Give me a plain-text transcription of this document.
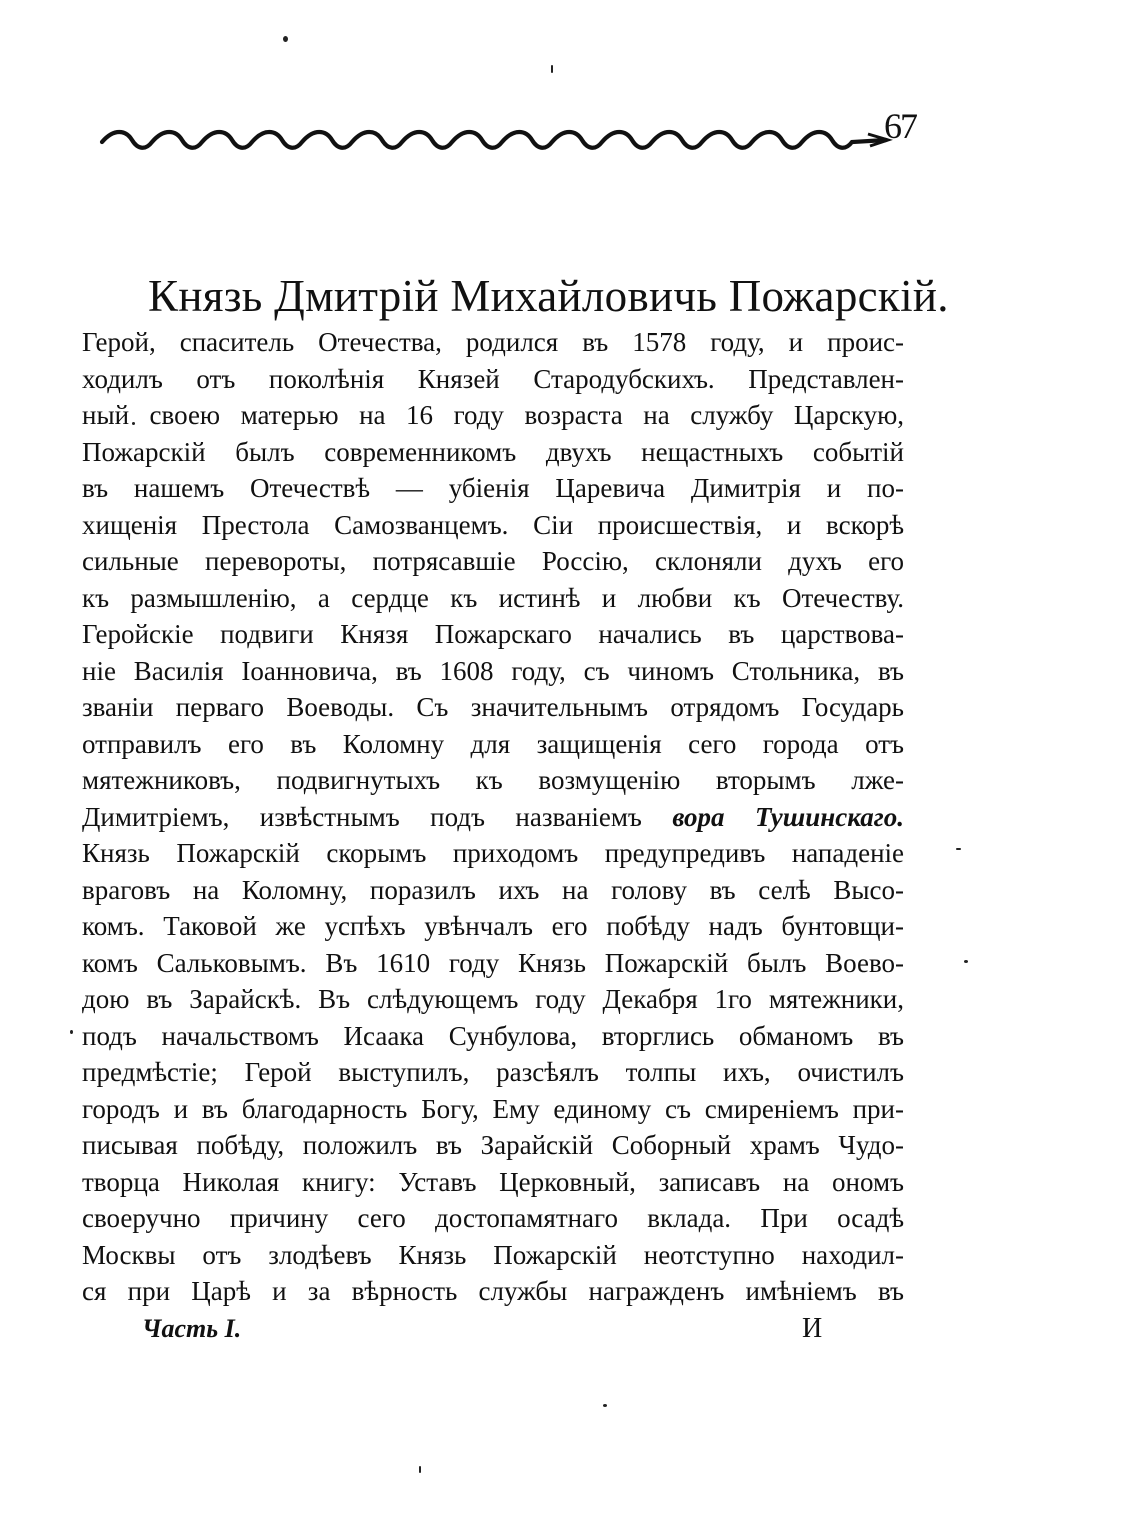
67
Князь Дмитрій Михайловичь Пожарскій.
Герой, спаситель Отечества, родился въ 1578 году, и проис-
ходилъ отъ поколѣнія Князей Стародубскихъ. Представлен-
ный своею матерью на 16 году возраста на службу Царскую,
Пожарскій былъ современникомъ двухъ нещастныхъ событій
въ нашемъ Отечествѣ — убіенія Царевича Димитрія и по-
хищенія Престола Самозванцемъ. Сіи происшествія, и вскорѣ
сильные перевороты, потрясавшіе Россію, склоняли духъ его
къ размышленію, а сердце къ истинѣ и любви къ Отечеству.
Геройскіе подвиги Князя Пожарскаго начались въ царствова-
ніе Василія Іоанновича, въ 1608 году, съ чиномъ Стольника, въ
званіи перваго Воеводы. Съ значительнымъ отрядомъ Государь
отправилъ его въ Коломну для защищенія сего города отъ
мятежниковъ, подвигнутыхъ къ возмущенію вторымъ лже-
Димитріемъ, извѣстнымъ подъ названіемъ вора Тушинскаго.
Князь Пожарскій скорымъ приходомъ предупредивъ нападеніе
враговъ на Коломну, поразилъ ихъ на голову въ селѣ Высо-
комъ. Таковой же успѣхъ увѣнчалъ его побѣду надъ бунтовщи-
комъ Сальковымъ. Въ 1610 году Князь Пожарскій былъ Воево-
дою въ Зарайскѣ. Въ слѣдующемъ году Декабря 1го мятежники,
подъ начальствомъ Исаака Сунбулова, вторглись обманомъ въ
предмѣстіе; Герой выступилъ, разсѣялъ толпы ихъ, очистилъ
городъ и въ благодарность Богу, Ему единому съ смиреніемъ при-
писывая побѣду, положилъ въ Зарайскій Соборный храмъ Чудо-
творца Николая книгу: Уставъ Церковный, записавъ на ономъ
своеручно причину сего достопамятнаго вклада. При осадѣ
Москвы отъ злодѣевъ Князь Пожарскій неотступно находил-
ся при Царѣ и за вѣрность службы награжденъ имѣніемъ въ
Часть I.	И
